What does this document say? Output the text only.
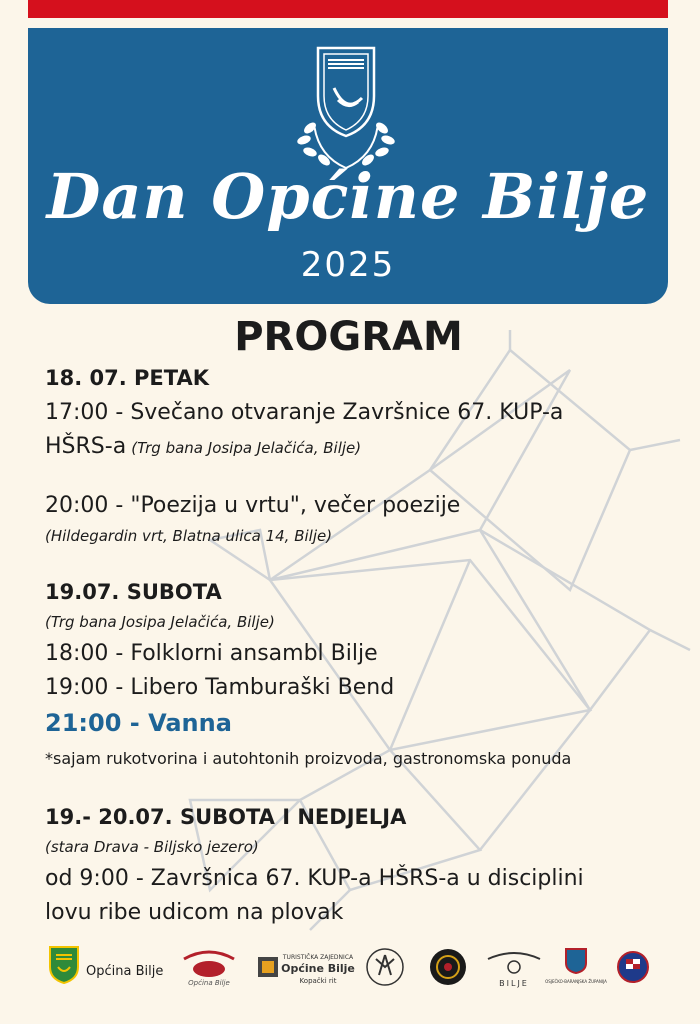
Dan Općine Bilje
2025
PROGRAM
18. 07. PETAK
17:00 - Svečano otvaranje Završnice 67. KUP-a
HŠRS-a (Trg bana Josipa Jelačića, Bilje)
20:00 - "Poezija u vrtu", večer poezije
(Hildegardin vrt, Blatna ulica 14, Bilje)
19.07. SUBOTA
(Trg bana Josipa Jelačića, Bilje)
18:00 - Folklorni ansambl Bilje
19:00 - Libero Tamburaški Bend
21:00 - Vanna
*sajam rukotvorina i autohtonih proizvoda, gastronomska ponuda
19.- 20.07. SUBOTA I NEDJELJA
(stara Drava - Biljsko jezero)
od 9:00 - Završnica 67. KUP-a HŠRS-a u disciplini
lovu ribe udicom na plovak
Općina Bilje
Općina Bilje
TURISTIČKA ZAJEDNICA
Općine Bilje
Kopački rit	BILJE	OSJEČKO-BARANJSKA ŽUPANIJA
